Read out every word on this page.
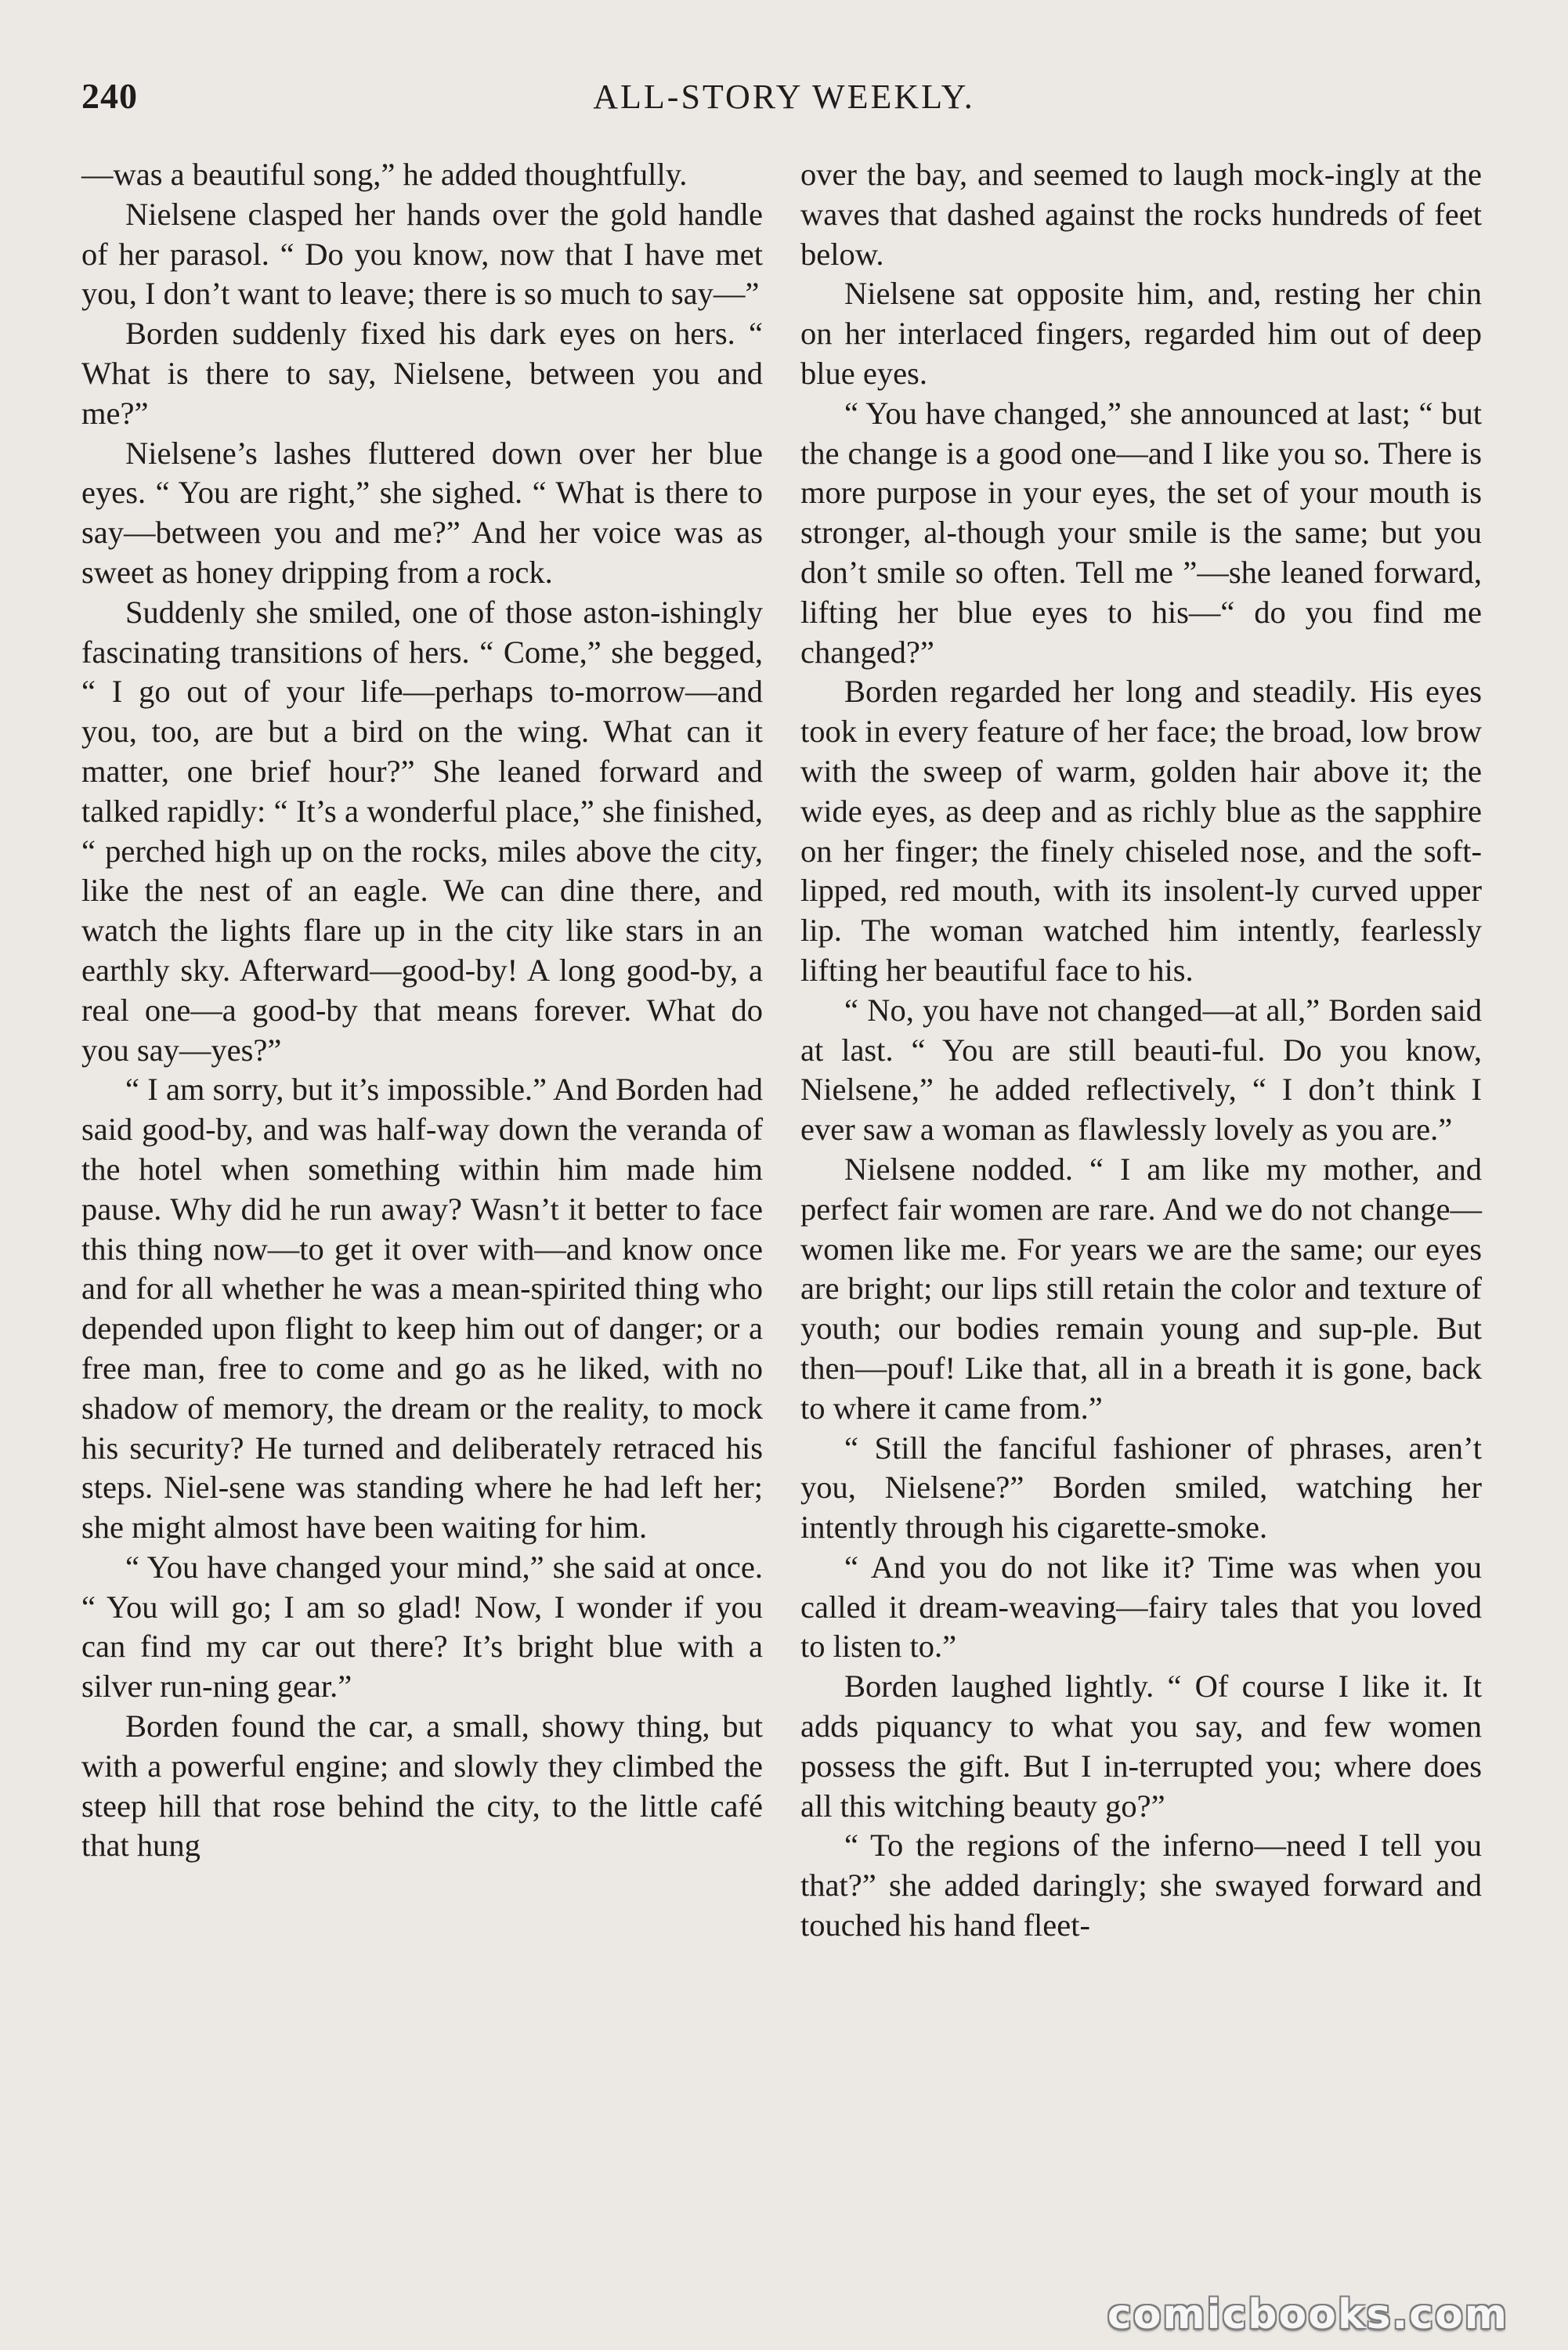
240	ALL-STORY WEEKLY.

—was a beautiful song,” he added thoughtfully.

Nielsene clasped her hands over the gold handle of her parasol. “ Do you know, now that I have met you, I don’t want to leave; there is so much to say—”

Borden suddenly fixed his dark eyes on hers. “ What is there to say, Nielsene, between you and me?”

Nielsene’s lashes fluttered down over her blue eyes. “ You are right,” she sighed. “ What is there to say—between you and me?” And her voice was as sweet as honey dripping from a rock.

Suddenly she smiled, one of those aston-ishingly fascinating transitions of hers. “ Come,” she begged, “ I go out of your life—perhaps to-morrow—and you, too, are but a bird on the wing. What can it matter, one brief hour?” She leaned forward and talked rapidly: “ It’s a wonderful place,” she finished, “ perched high up on the rocks, miles above the city, like the nest of an eagle. We can dine there, and watch the lights flare up in the city like stars in an earthly sky. Afterward—good-by! A long good-by, a real one—a good-by that means forever. What do you say—yes?”

“ I am sorry, but it’s impossible.” And Borden had said good-by, and was half-way down the veranda of the hotel when something within him made him pause. Why did he run away? Wasn’t it better to face this thing now—to get it over with—and know once and for all whether he was a mean-spirited thing who depended upon flight to keep him out of danger; or a free man, free to come and go as he liked, with no shadow of memory, the dream or the reality, to mock his security? He turned and deliberately retraced his steps. Niel-sene was standing where he had left her; she might almost have been waiting for him.

“ You have changed your mind,” she said at once. “ You will go; I am so glad! Now, I wonder if you can find my car out there? It’s bright blue with a silver run-ning gear.”

Borden found the car, a small, showy thing, but with a powerful engine; and slowly they climbed the steep hill that rose behind the city, to the little café that hung

over the bay, and seemed to laugh mock-ingly at the waves that dashed against the rocks hundreds of feet below.

Nielsene sat opposite him, and, resting her chin on her interlaced fingers, regarded him out of deep blue eyes.

“ You have changed,” she announced at last; “ but the change is a good one—and I like you so. There is more purpose in your eyes, the set of your mouth is stronger, al-though your smile is the same; but you don’t smile so often. Tell me ”—she leaned forward, lifting her blue eyes to his—“ do you find me changed?”

Borden regarded her long and steadily. His eyes took in every feature of her face; the broad, low brow with the sweep of warm, golden hair above it; the wide eyes, as deep and as richly blue as the sapphire on her finger; the finely chiseled nose, and the soft-lipped, red mouth, with its insolent-ly curved upper lip. The woman watched him intently, fearlessly lifting her beautiful face to his.

“ No, you have not changed—at all,” Borden said at last. “ You are still beauti-ful. Do you know, Nielsene,” he added reflectively, “ I don’t think I ever saw a woman as flawlessly lovely as you are.”

Nielsene nodded. “ I am like my mother, and perfect fair women are rare. And we do not change—women like me. For years we are the same; our eyes are bright; our lips still retain the color and texture of youth; our bodies remain young and sup-ple. But then—pouf! Like that, all in a breath it is gone, back to where it came from.”

“ Still the fanciful fashioner of phrases, aren’t you, Nielsene?” Borden smiled, watching her intently through his cigarette-smoke.

“ And you do not like it? Time was when you called it dream-weaving—fairy tales that you loved to listen to.”

Borden laughed lightly. “ Of course I like it. It adds piquancy to what you say, and few women possess the gift. But I in-terrupted you; where does all this witching beauty go?”

“ To the regions of the inferno—need I tell you that?” she added daringly; she swayed forward and touched his hand fleet-

comicbooks.com
